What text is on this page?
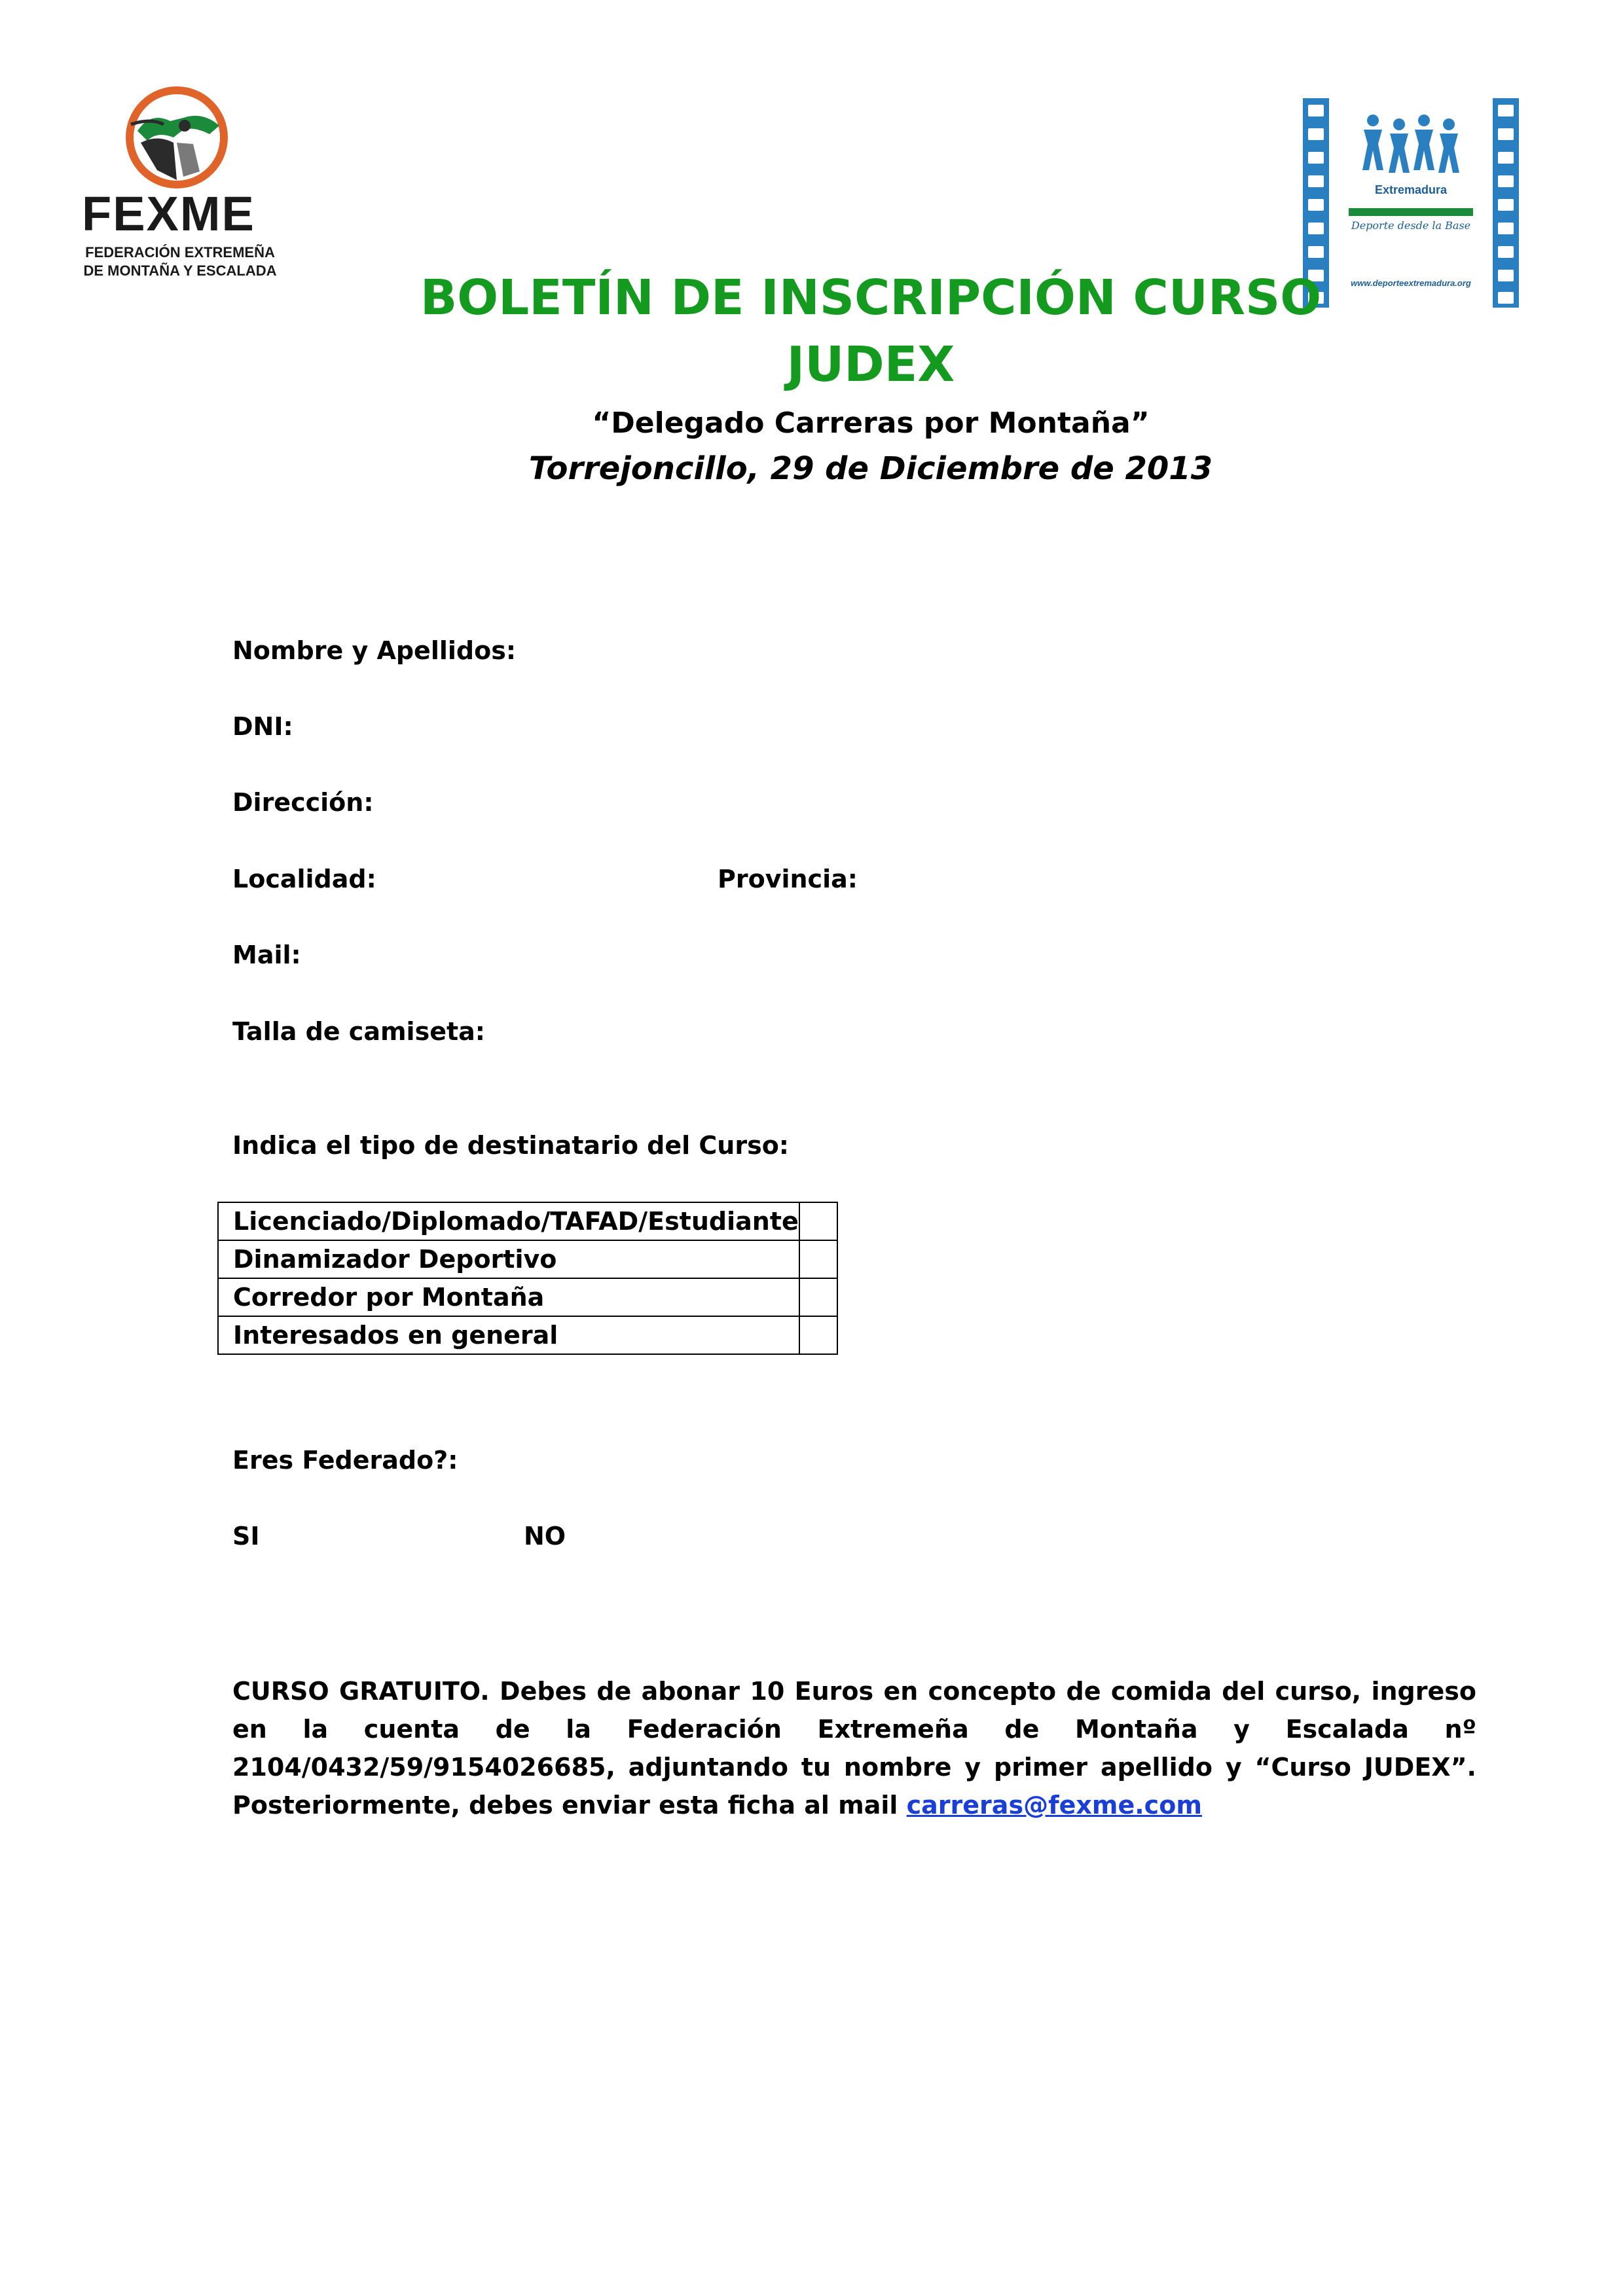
FEXME
FEDERACIÓN EXTREMEÑA
DE MONTAÑA Y ESCALADA
Extremadura
Deporte desde la Base
www.deporteextremadura.org
BOLETÍN DE INSCRIPCIÓN CURSO
JUDEX
“Delegado Carreras por Montaña”
Torrejoncillo, 29 de Diciembre de 2013
Nombre y Apellidos:
DNI:
Dirección:
Localidad:	Provincia:
Mail:
Talla de camiseta:
Indica el tipo de destinatario del Curso:
Licenciado/Diplomado/TAFAD/Estudiante	
Dinamizador Deportivo	
Corredor por Montaña	
Interesados en general	
Eres Federado?:
SI	NO
CURSO GRATUITO. Debes de abonar 10 Euros en concepto de comida del curso, ingreso en la cuenta de la Federación Extremeña de Montaña y Escalada nº 2104/0432/59/9154026685, adjuntando tu nombre y primer apellido y “Curso JUDEX”. Posteriormente, debes enviar esta ficha al mail carreras@fexme.com
